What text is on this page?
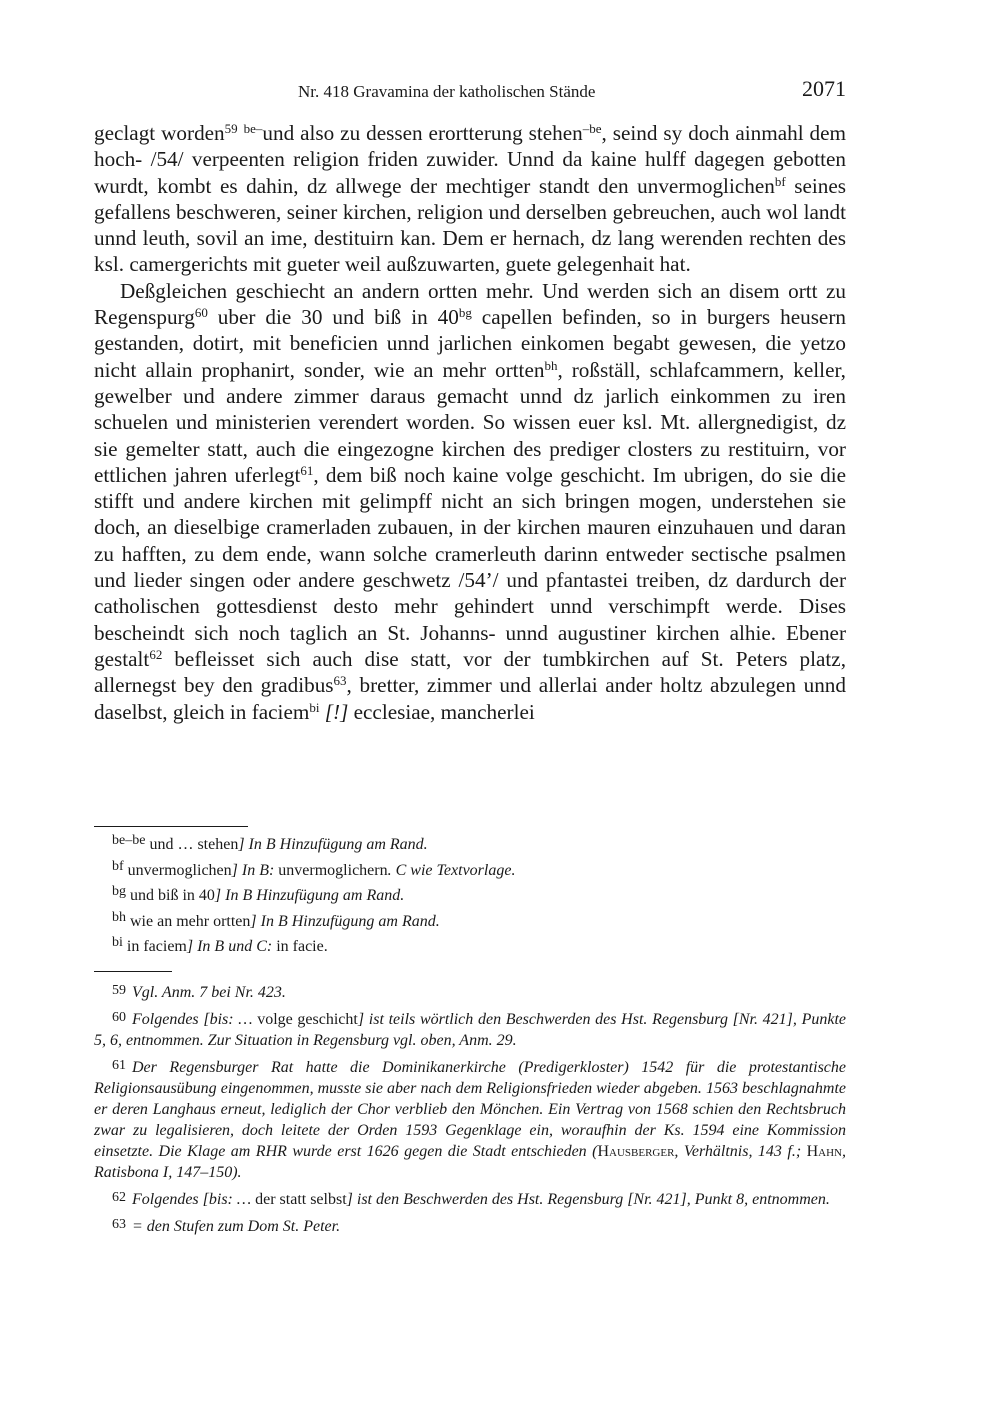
Nr. 418 Gravamina der katholischen Stände	2071

geclagt worden$^{59}$ $^{be-}$und also zu dessen erortterung stehen$^{-be}$, seind sy doch ainmahl dem hoch- /54/ verpeenten religion friden zuwider. Unnd da kaine hulff dagegen gebotten wurdt, kombt es dahin, dz allwege der mechtiger standt den unvermoglichen$^{bf}$ seines gefallens beschweren, seiner kirchen, religion und derselben gebreuchen, auch wol landt unnd leuth, sovil an ime, destituirn kan. Dem er hernach, dz lang werenden rechten des ksl. camergerichts mit gueter weil außzuwarten, guete gelegenhait hat.

Deßgleichen geschiecht an andern ortten mehr. Und werden sich an disem ortt zu Regenspurg$^{60}$ uber die 30 und biß in $40^{bg}$ capellen befinden, so in burgers heusern gestanden, dotirt, mit beneficien unnd jarlichen einkomen begabt gewesen, die yetzo nicht allain prophanirt, sonder, wie an mehr ortten$^{bh}$, roßställ, schlafcammern, keller, gewelber und andere zimmer daraus gemacht unnd dz jarlich einkommen zu iren schuelen und ministerien verendert worden. So wissen euer ksl. Mt. allergnedigist, dz sie gemelter statt, auch die eingezogne kirchen des prediger closters zu restituirn, vor ettlichen jahren uferlegt$^{61}$, dem biß noch kaine volge geschicht. Im ubrigen, do sie die stifft und andere kirchen mit gelimpff nicht an sich bringen mogen, understehen sie doch, an dieselbige cramerladen zubauen, in der kirchen mauren einzuhauen und daran zu hafften, zu dem ende, wann solche cramerleuth darinn entweder sectische psalmen und lieder singen oder andere geschwetz /54’/ und pfantastei treiben, dz dardurch der catholischen gottesdienst desto mehr gehindert unnd verschimpft werde. Dises bescheindt sich noch taglich an St. Johanns- unnd augustiner kirchen alhie. Ebener gestalt$^{62}$ befleisset sich auch dise statt, vor der tumbkirchen auf St. Peters platz, allernegst bey den gradibus$^{63}$, bretter, zimmer und allerlai ander holtz abzulegen unnd daselbst, gleich in faciem$^{bi}$ [!] ecclesiae, mancherlei

$^{be-be}$ und … stehen] In B Hinzufügung am Rand.
$^{bf}$ unvermoglichen] In B: unvermoglichern. C wie Textvorlage.
$^{bg}$ und biß in 40] In B Hinzufügung am Rand.
$^{bh}$ wie an mehr ortten] In B Hinzufügung am Rand.
$^{bi}$ in faciem] In B und C: in facie.

59 Vgl. Anm. 7 bei Nr. 423.

60 Folgendes [bis: … volge geschicht] ist teils wörtlich den Beschwerden des Hst. Regensburg [Nr. 421], Punkte 5, 6, entnommen. Zur Situation in Regensburg vgl. oben, Anm. 29.

61 Der Regensburger Rat hatte die Dominikanerkirche (Predigerkloster) 1542 für die protestantische Religionsausübung eingenommen, musste sie aber nach dem Religionsfrieden wieder abgeben. 1563 beschlagnahmte er deren Langhaus erneut, lediglich der Chor verblieb den Mönchen. Ein Vertrag von 1568 schien den Rechtsbruch zwar zu legalisieren, doch leitete der Orden 1593 Gegenklage ein, woraufhin der Ks. 1594 eine Kommission einsetzte. Die Klage am RHR wurde erst 1626 gegen die Stadt entschieden (Hausberger, Verhältnis, 143 f.; Hahn, Ratisbona I, 147–150).

62 Folgendes [bis: … der statt selbst] ist den Beschwerden des Hst. Regensburg [Nr. 421], Punkt 8, entnommen.

63 = den Stufen zum Dom St. Peter.
